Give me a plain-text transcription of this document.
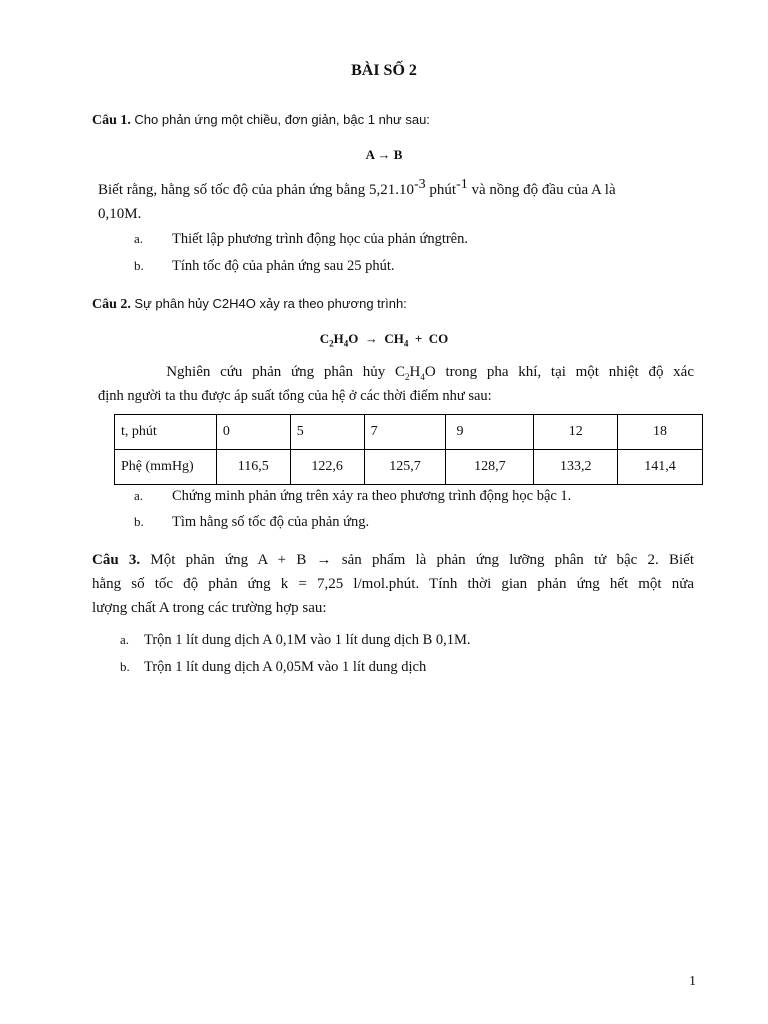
BÀI SỐ 2
Câu 1. Cho phản ứng một chiều, đơn giản, bậc 1 như sau:
A → B
Biết rằng, hằng số tốc độ của phản ứng bằng 5,21.10-3 phút-1 và nồng độ đầu của A là
0,10M.
a. Thiết lập phương trình động học của phản ứngtrên.
b. Tính tốc độ của phản ứng sau 25 phút.
Câu 2. Sự phân hủy C2H4O xảy ra theo phương trình:
$C_2H_4O \to CH_4$ + CO
Nghiên cứu phản ứng phân hủy $C_2H_4O$ trong pha khí, tại một nhiệt độ xác
định người ta thu được áp suất tổng của hệ ở các thời điểm như sau:
t, phút	0	5	7	9	12	18
Phệ (mmHg)	116,5	122,6	125,7	128,7	133,2	141,4
a. Chứng minh phản ứng trên xảy ra theo phương trình động học bậc 1.
b. Tìm hằng số tốc độ của phản ứng.
Câu 3. Một phản ứng A + B → sản phẩm là phản ứng lưỡng phân tử bậc 2. Biết
hằng số tốc độ phản ứng k = 7,25 l/mol.phút. Tính thời gian phản ứng hết một nửa
lượng chất A trong các trường hợp sau:
a. Trộn 1 lít dung dịch A 0,1M vào 1 lít dung dịch B 0,1M.
b. Trộn 1 lít dung dịch A 0,05M vào 1 lít dung dịch
1
